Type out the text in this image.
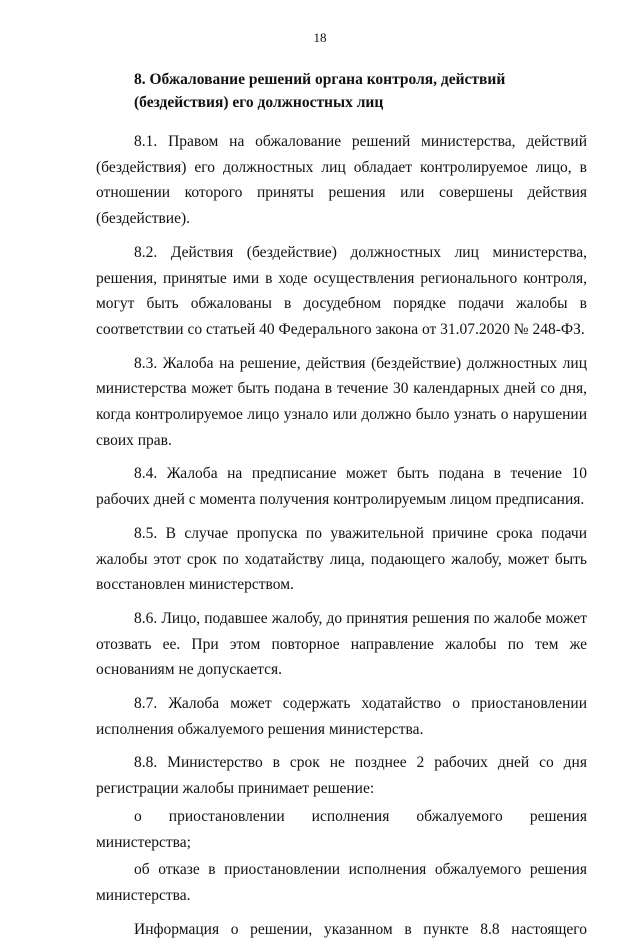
18
8. Обжалование решений органа контроля, действий (бездействия) его должностных лиц

8.1. Правом на обжалование решений министерства, действий (бездействия) его должностных лиц обладает контролируемое лицо, в отношении которого приняты решения или совершены действия (бездействие).

8.2. Действия (бездействие) должностных лиц министерства, решения, принятые ими в ходе осуществления регионального контроля, могут быть обжалованы в досудебном порядке подачи жалобы в соответствии со статьей 40 Федерального закона от 31.07.2020 № 248-ФЗ.

8.3. Жалоба на решение, действия (бездействие) должностных лиц министерства может быть подана в течение 30 календарных дней со дня, когда контролируемое лицо узнало или должно было узнать о нарушении своих прав.

8.4. Жалоба на предписание может быть подана в течение 10 рабочих дней с момента получения контролируемым лицом предписания.

8.5. В случае пропуска по уважительной причине срока подачи жалобы этот срок по ходатайству лица, подающего жалобу, может быть восстановлен министерством.

8.6. Лицо, подавшее жалобу, до принятия решения по жалобе может отозвать ее. При этом повторное направление жалобы по тем же основаниям не допускается.

8.7. Жалоба может содержать ходатайство о приостановлении исполнения обжалуемого решения министерства.

8.8. Министерство в срок не позднее 2 рабочих дней со дня регистрации жалобы принимает решение:

о приостановлении исполнения обжалуемого решения министерства;

об отказе в приостановлении исполнения обжалуемого решения министерства.

Информация о решении, указанном в пункте 8.8 настоящего
